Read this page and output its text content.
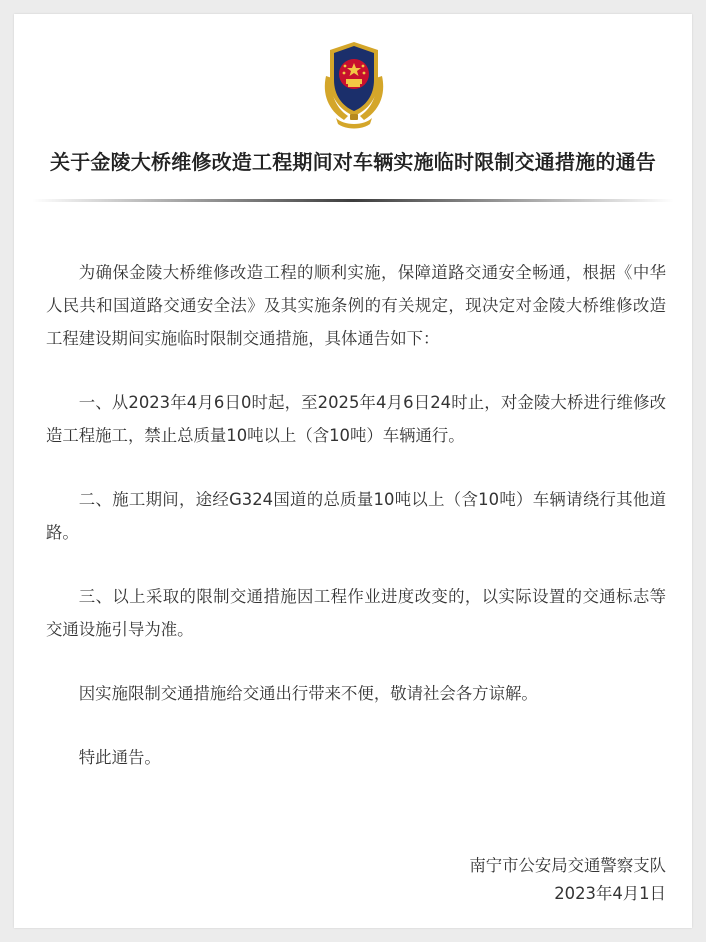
关于金陵大桥维修改造工程期间对车辆实施临时限制交通措施的通告

为确保金陵大桥维修改造工程的顺利实施，保障道路交通安全畅通，根据《中华人民共和国道路交通安全法》及其实施条例的有关规定，现决定对金陵大桥维修改造工程建设期间实施临时限制交通措施，具体通告如下：

一、从2023年4月6日0时起，至2025年4月6日24时止，对金陵大桥进行维修改造工程施工，禁止总质量10吨以上（含10吨）车辆通行。

二、施工期间，途经G324国道的总质量10吨以上（含10吨）车辆请绕行其他道路。

三、以上采取的限制交通措施因工程作业进度改变的，以实际设置的交通标志等交通设施引导为准。

因实施限制交通措施给交通出行带来不便，敬请社会各方谅解。

特此通告。

南宁市公安局交通警察支队
2023年4月1日
